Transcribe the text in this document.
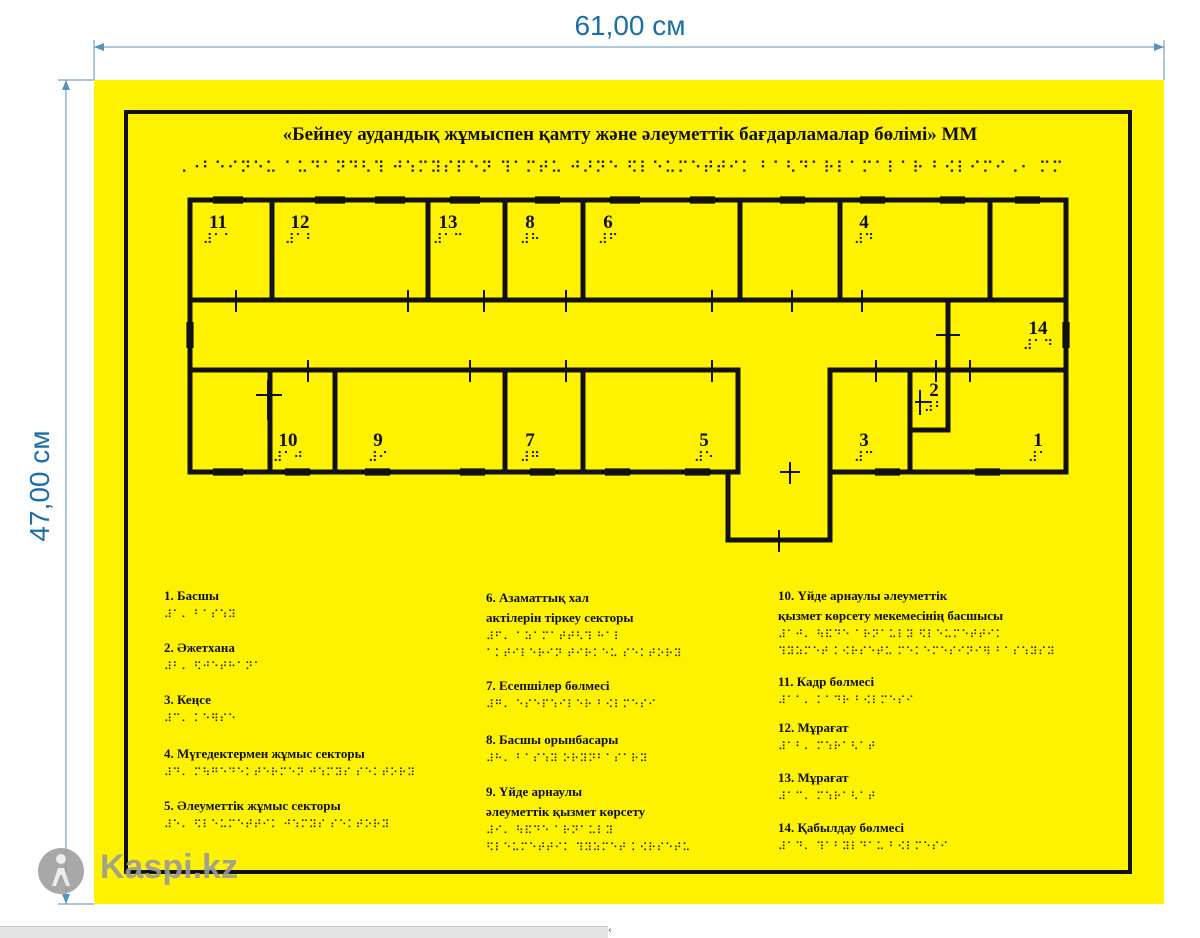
61,00 см
47,00 см
«Бейнеу аудандық жұмыспен қамту және әлеуметтік бағдарламалар бөлімі» ММ
⠠⠐⠃⠑⠊⠝⠑⠥ ⠁⠥⠙⠁⠝⠙⠣⠹ ⠚⠱⠍⠽⠎⠏⠑⠝ ⠹⠁⠍⠞⠥ ⠚⠜⠝⠑ ⠫⠇⠑⠥⠍⠑⠞⠞⠊⠅ ⠃⠁⠣⠙⠁⠗⠇⠁⠍⠁⠇⠁⠗ ⠃⠪⠇⠊⠍⠊⠠⠂ ⠍⠍
11
⠼⠁⠁
12
⠼⠁⠃
13
⠼⠁⠉
8
⠼⠓
6
⠼⠋
4
⠼⠙
14
⠼⠁⠙
2
⠼⠃
10
⠼⠁⠚
9
⠼⠊
7
⠼⠛
5
⠼⠑
3
⠼⠉
1
⠼⠁
1. Басшы
⠼⠁⠄ ⠃⠁⠎⠱⠽
2. Әжетхана
⠼⠃⠄ ⠫⠚⠑⠞⠓⠁⠝⠁
3. Кеңсе
⠼⠉⠄ ⠅⠑⠻⠎⠑
4. Мүгедектермен жұмыс секторы
⠼⠙⠄ ⠍⠳⠛⠑⠙⠑⠅⠞⠑⠗⠍⠑⠝ ⠚⠱⠍⠽⠎ ⠎⠑⠅⠞⠕⠗⠽
5. Әлеуметтік жұмыс секторы
⠼⠑⠄ ⠫⠇⠑⠥⠍⠑⠞⠞⠊⠅ ⠚⠱⠍⠽⠎ ⠎⠑⠅⠞⠕⠗⠽
6. Азаматтық хал
актілерін тіркеу секторы
⠼⠋⠄ ⠁⠵⠁⠍⠁⠞⠞⠣⠹ ⠓⠁⠇
⠁⠅⠞⠊⠇⠑⠗⠊⠝ ⠞⠊⠗⠅⠑⠥ ⠎⠑⠅⠞⠕⠗⠽
7. Есепшілер бөлмесі
⠼⠛⠄ ⠑⠎⠑⠏⠱⠊⠇⠑⠗ ⠃⠪⠇⠍⠑⠎⠊
8. Басшы орынбасары
⠼⠓⠄ ⠃⠁⠎⠱⠽ ⠕⠗⠽⠝⠃⠁⠎⠁⠗⠽
9. Үйде арнаулы
әлеуметтік қызмет көрсету
⠼⠊⠄ ⠳⠯⠙⠑ ⠁⠗⠝⠁⠥⠇⠽
⠫⠇⠑⠥⠍⠑⠞⠞⠊⠅ ⠹⠽⠵⠍⠑⠞ ⠅⠪⠗⠎⠑⠞⠥
10. Үйде арнаулы әлеуметтік
қызмет көрсету мекемесінің басшысы
⠼⠁⠚⠄ ⠳⠯⠙⠑ ⠁⠗⠝⠁⠥⠇⠽ ⠫⠇⠑⠥⠍⠑⠞⠞⠊⠅
⠹⠽⠵⠍⠑⠞ ⠅⠪⠗⠎⠑⠞⠥ ⠍⠑⠅⠑⠍⠑⠎⠊⠝⠊⠻ ⠃⠁⠎⠱⠽⠎⠽
11. Кадр бөлмесі
⠼⠁⠁⠄ ⠅⠁⠙⠗ ⠃⠪⠇⠍⠑⠎⠊
12. Мұрағат
⠼⠁⠃⠄ ⠍⠱⠗⠁⠣⠁⠞
13. Мұрағат
⠼⠁⠉⠄ ⠍⠱⠗⠁⠣⠁⠞
14. Қабылдау бөлмесі
⠼⠁⠙⠄ ⠹⠁⠃⠽⠇⠙⠁⠥ ⠃⠪⠇⠍⠑⠎⠊
Kaspi.kz
‹
